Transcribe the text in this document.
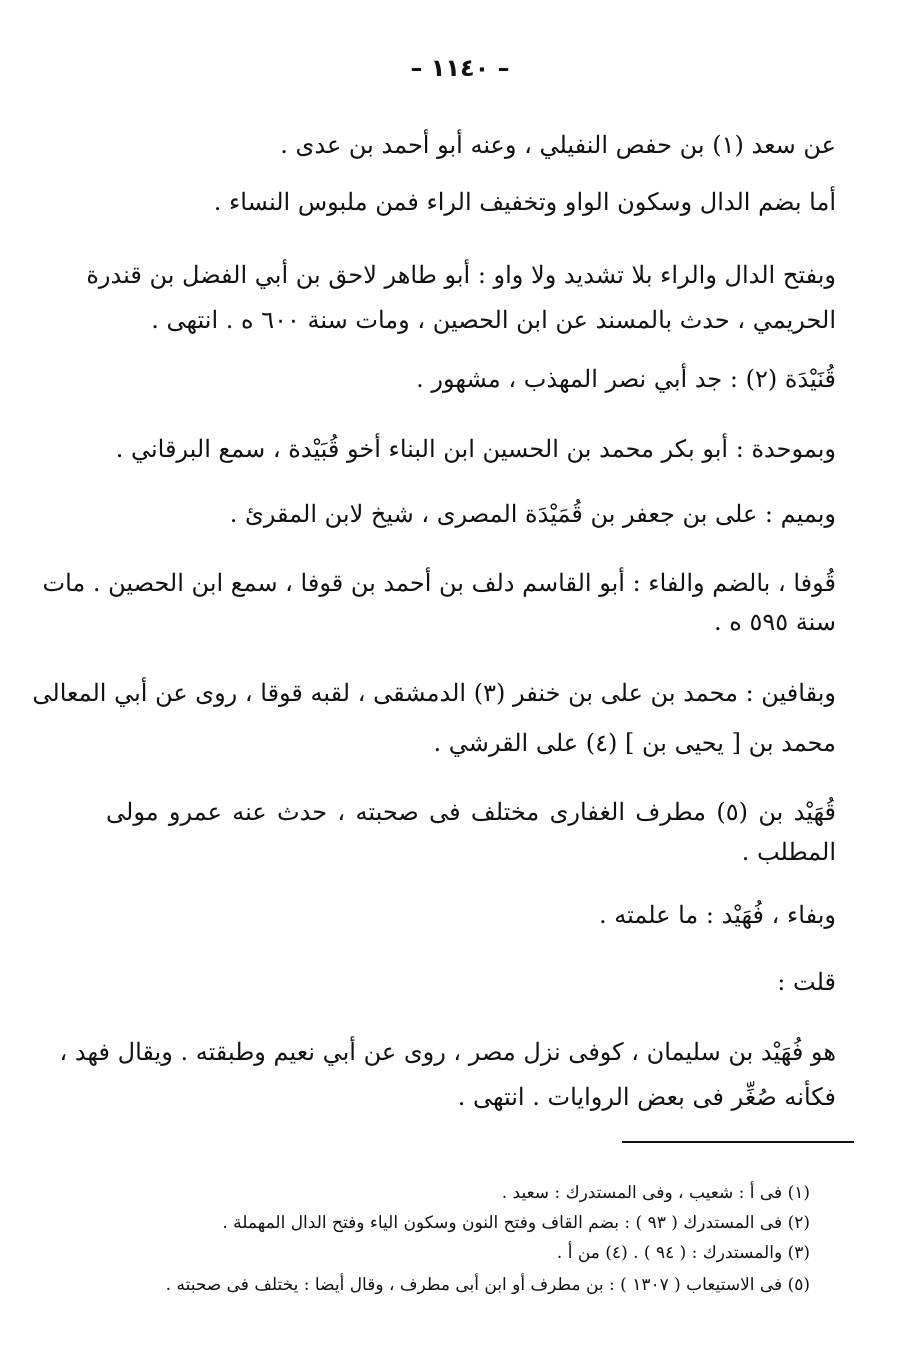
– ١١٤٠ –
عن سعد (١) بن حفص النفيلي ، وعنه أبو أحمد بن عدى .
أما بضم الدال وسكون الواو وتخفيف الراء فمن ملبوس النساء .
وبفتح الدال والراء بلا تشديد ولا واو : أبو طاهر لاحق بن أبي الفضل بن قندرة
الحريمي ، حدث بالمسند عن ابن الحصين ، ومات سنة ٦٠٠ ه . انتهى .
قُنَيْدَة (٢) : جد أبي نصر المهذب ، مشهور .
وبموحدة : أبو بكر محمد بن الحسين ابن البناء أخو قُبَيْدة ، سمع البرقاني .
وبميم : على بن جعفر بن قُمَيْدَة المصرى ، شيخ لابن المقرئ .
قُوفا ، بالضم والفاء : أبو القاسم دلف بن أحمد بن قوفا ، سمع ابن الحصين . مات
سنة ٥٩٥ ه .
وبقافين : محمد بن على بن خنفر (٣) الدمشقى ، لقبه قوقا ، روى عن أبي المعالى
محمد بن [ يحيى بن ] (٤) على القرشي .
قُهَيْد بن (٥) مطرف الغفارى مختلف فى صحبته ، حدث عنه عمرو مولى
المطلب .
وبفاء ، فُهَيْد : ما علمته .
قلت :
هو فُهَيْد بن سليمان ، كوفى نزل مصر ، روى عن أبي نعيم وطبقته . ويقال فهد ،
فكأنه صُغِّر فى بعض الروايات . انتهى .
(١) فى أ : شعيب ، وفى المستدرك : سعيد .
(٢) فى المستدرك ( ٩٣ ) : بضم القاف وفتح النون وسكون الياء وفتح الدال المهملة .
(٣) والمستدرك : ( ٩٤ ) . (٤) من أ .
(٥) فى الاستيعاب ( ١٣٠٧ ) : بن مطرف أو ابن أبى مطرف ، وقال أيضا : يختلف فى صحبته .
